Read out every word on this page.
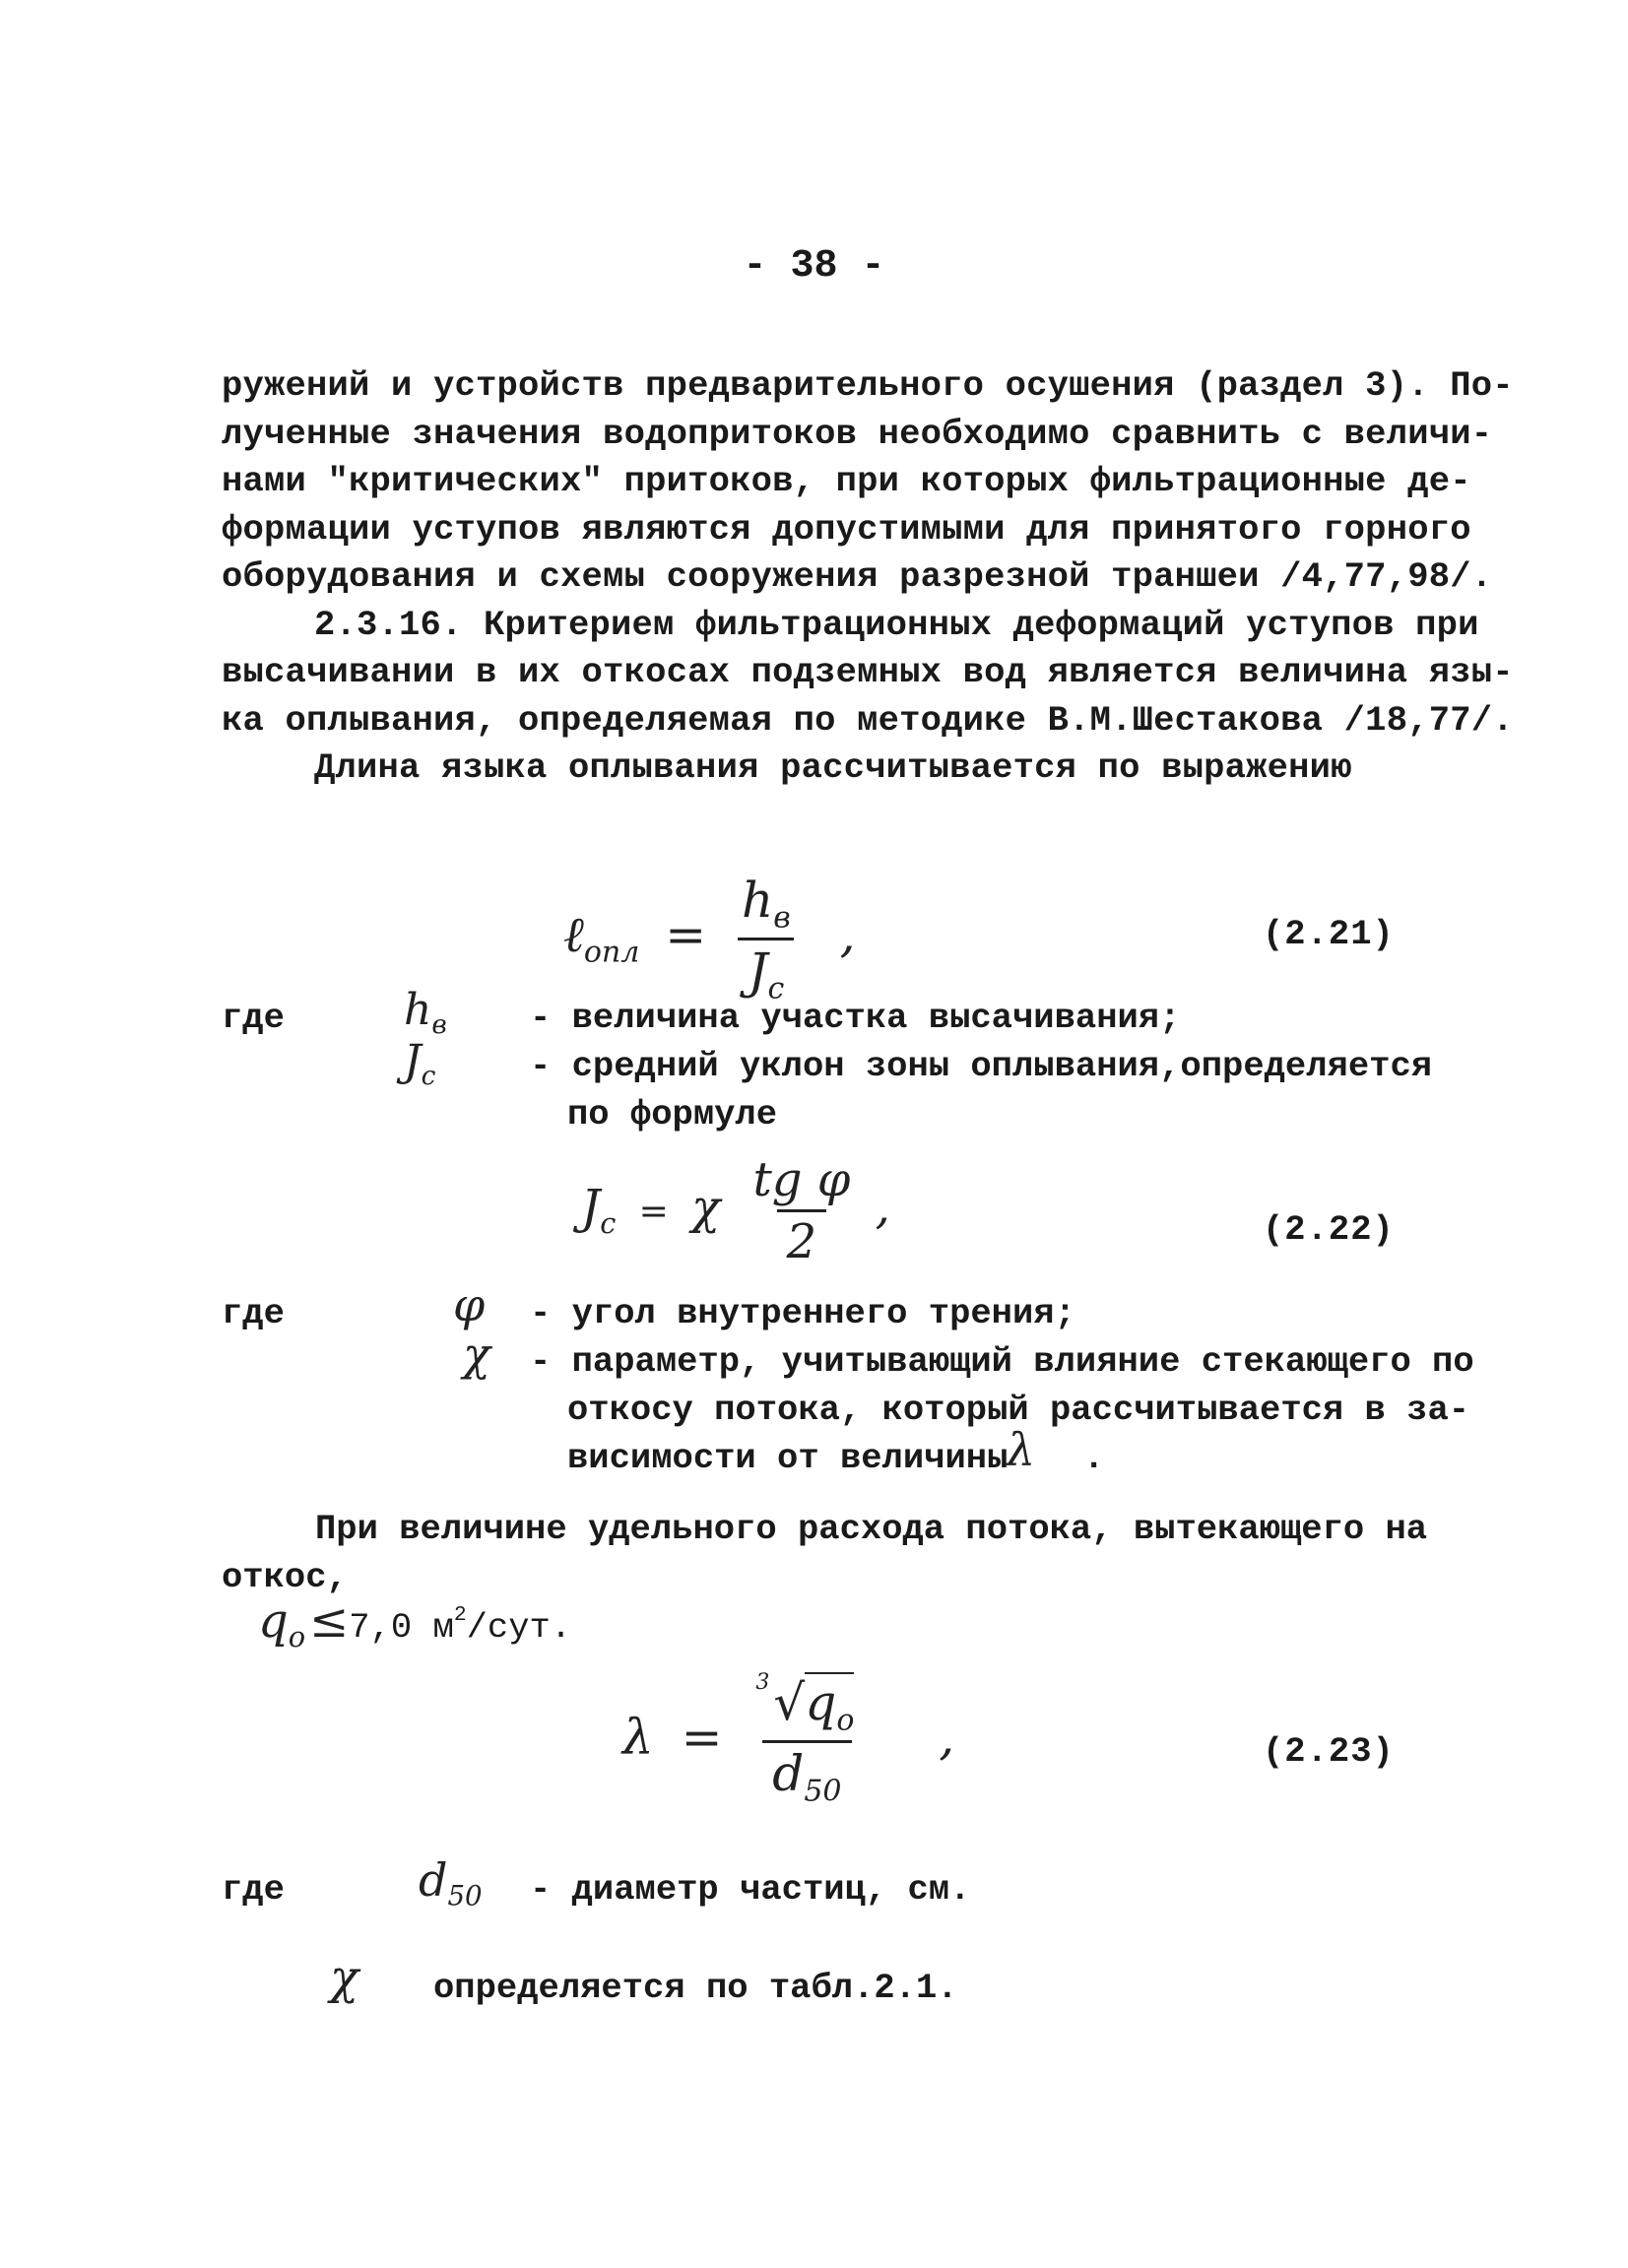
- 38 -
ружений и устройств предварительного осушения (раздел 3). По-
лученные значения водопритоков необходимо сравнить с величи-
нами "критических" притоков, при которых фильтрационные де-
формации уступов являются допустимыми для принятого горного
оборудования и схемы сооружения разрезной траншеи /4,77,98/.
2.3.16. Критерием фильтрационных деформаций уступов при
высачивании в их откосах подземных вод является величина язы-
ка оплывания, определяемая по методике В.М.Шестакова /18,77/.
Длина языка оплывания рассчитывается по выражению
ℓ$_{опл}$ = $\frac{h_в}{J_c}$ ,	(2.21)
где	$h_в$ - величина участка высачивания;
$J_c$	- средний уклон зоны оплывания,определяется
по формуле
$J_c = \chi \frac{\text{tg φ}}{2}$ ,	(2.22)
где	φ - угол внутреннего трения;
χ - параметр, учитывающий влияние стекающего по
откосу потока, который рассчитывается в за-
висимости от величины
λ .
При величине удельного расхода потока, вытекающего на
откос,
$q_o\le 7,0$ $м^2$/сут.
$\lambda = \frac{3 √q_o}{d_{50}}$ ,	(2.23)
где	$d_{50}$ - диаметр частиц, см.
χ определяется по табл.2.1.
